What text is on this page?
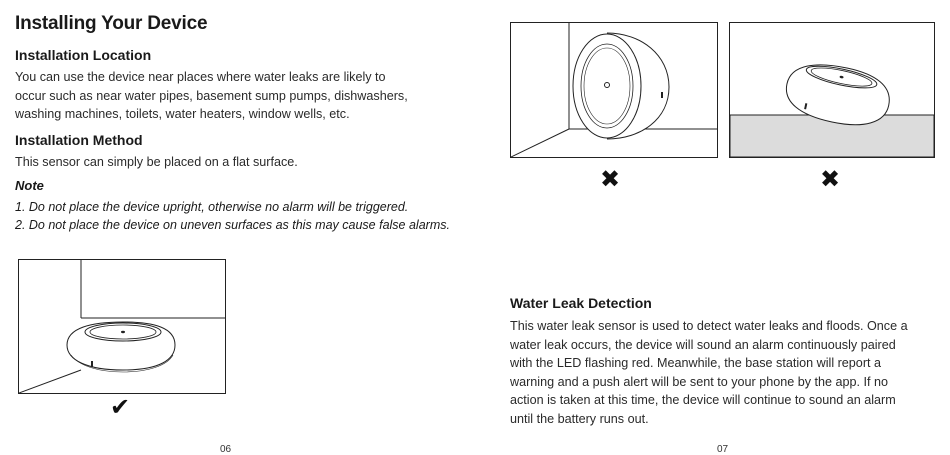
Installing Your Device
Installation Location
You can use the device near places where water leaks are likely to
occur such as near water pipes, basement sump pumps, dishwashers,
washing machines, toilets, water heaters, window wells, etc.
Installation Method
This sensor can simply be placed on a flat surface.
Note
1. Do not place the device upright, otherwise no alarm will be triggered.
2. Do not place the device on uneven surfaces as this may cause false alarms.
✔
06
✖	✖
Water Leak Detection
This water leak sensor is used to detect water leaks and floods. Once a
water leak occurs, the device will sound an alarm continuously paired
with the LED flashing red. Meanwhile, the base station will report a
warning and a push alert will be sent to your phone by the app. If no
action is taken at this time, the device will continue to sound an alarm
until the battery runs out.
07
